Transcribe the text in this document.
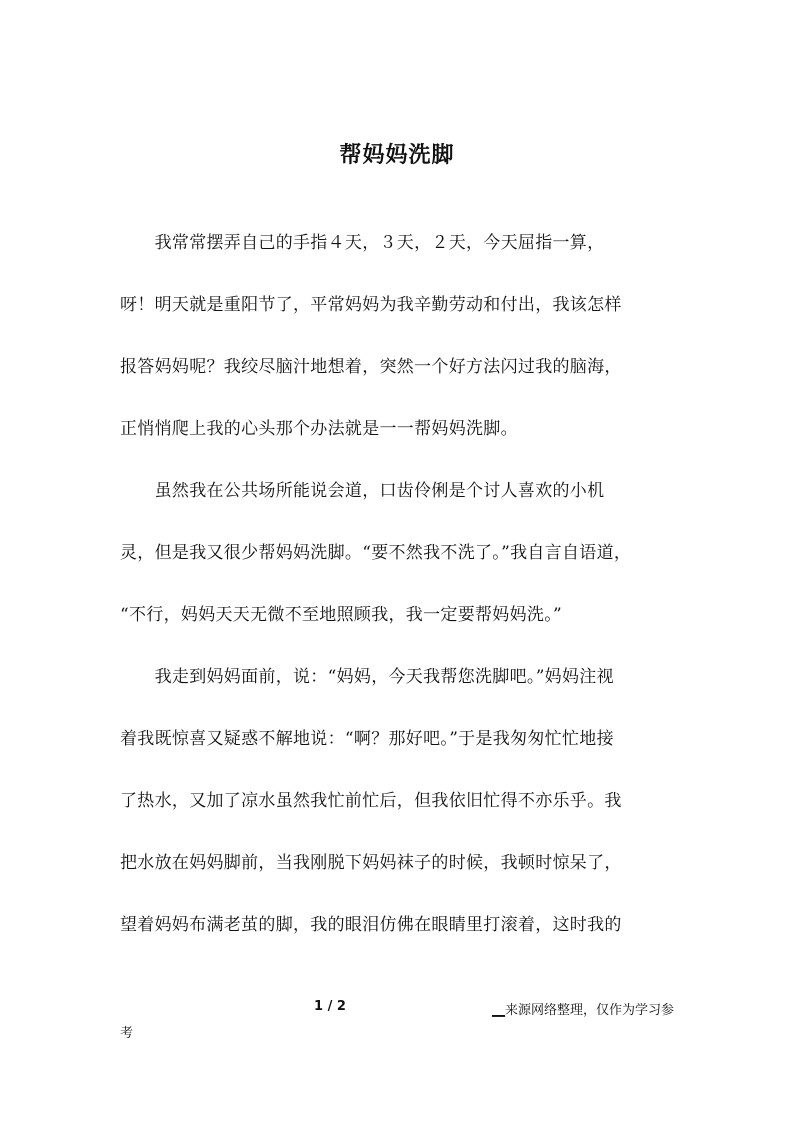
帮妈妈洗脚
　　我常常摆弄自己的手指４天，３天，２天，今天屈指一算，
呀！明天就是重阳节了，平常妈妈为我辛勤劳动和付出，我该怎样
报答妈妈呢？我绞尽脑汁地想着，突然一个好方法闪过我的脑海，
正悄悄爬上我的心头那个办法就是一一帮妈妈洗脚。
　　虽然我在公共场所能说会道，口齿伶俐是个讨人喜欢的小机
灵，但是我又很少帮妈妈洗脚。“要不然我不洗了。”我自言自语道，
“不行，妈妈天天无微不至地照顾我，我一定要帮妈妈洗。”
　　我走到妈妈面前，说：“妈妈，今天我帮您洗脚吧。”妈妈注视
着我既惊喜又疑惑不解地说：“啊？那好吧。”于是我匆匆忙忙地接
了热水，又加了凉水虽然我忙前忙后，但我依旧忙得不亦乐乎。我
把水放在妈妈脚前，当我刚脱下妈妈袜子的时候，我顿时惊呆了，
望着妈妈布满老茧的脚，我的眼泪仿佛在眼睛里打滚着，这时我的
1 / 2	__来源网络整理，仅作为学习参
考
